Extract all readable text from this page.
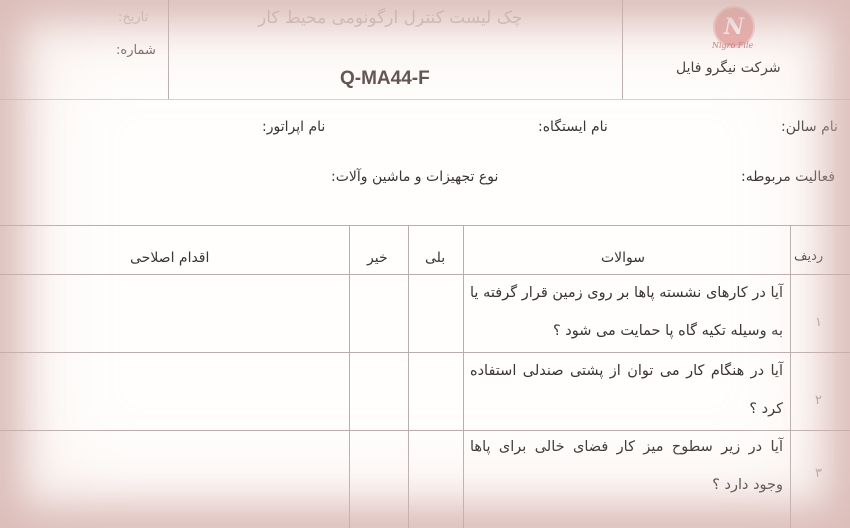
چک لیست کنترل ارگونومی محیط کار
تاریخ:
شماره:
Q-MA44-F
N
Nigro File
شرکت نیگرو فایل
نام سالن:
نام ایستگاه:
نام اپراتور:
فعالیت مربوطه:
نوع تجهیزات و ماشین وآلات:
ردیف
سوالات
بلی
خیر
اقدام اصلاحی
۱
آیا در کارهای نشسته پاها بر روی زمین قرار گرفته یا به وسیله تکیه گاه پا حمایت می شود ؟
۲
آیا در هنگام کار می توان از پشتی صندلی استفاده کرد ؟
۳
آیا در زیر سطوح میز کار فضای خالی برای پاها وجود دارد ؟
